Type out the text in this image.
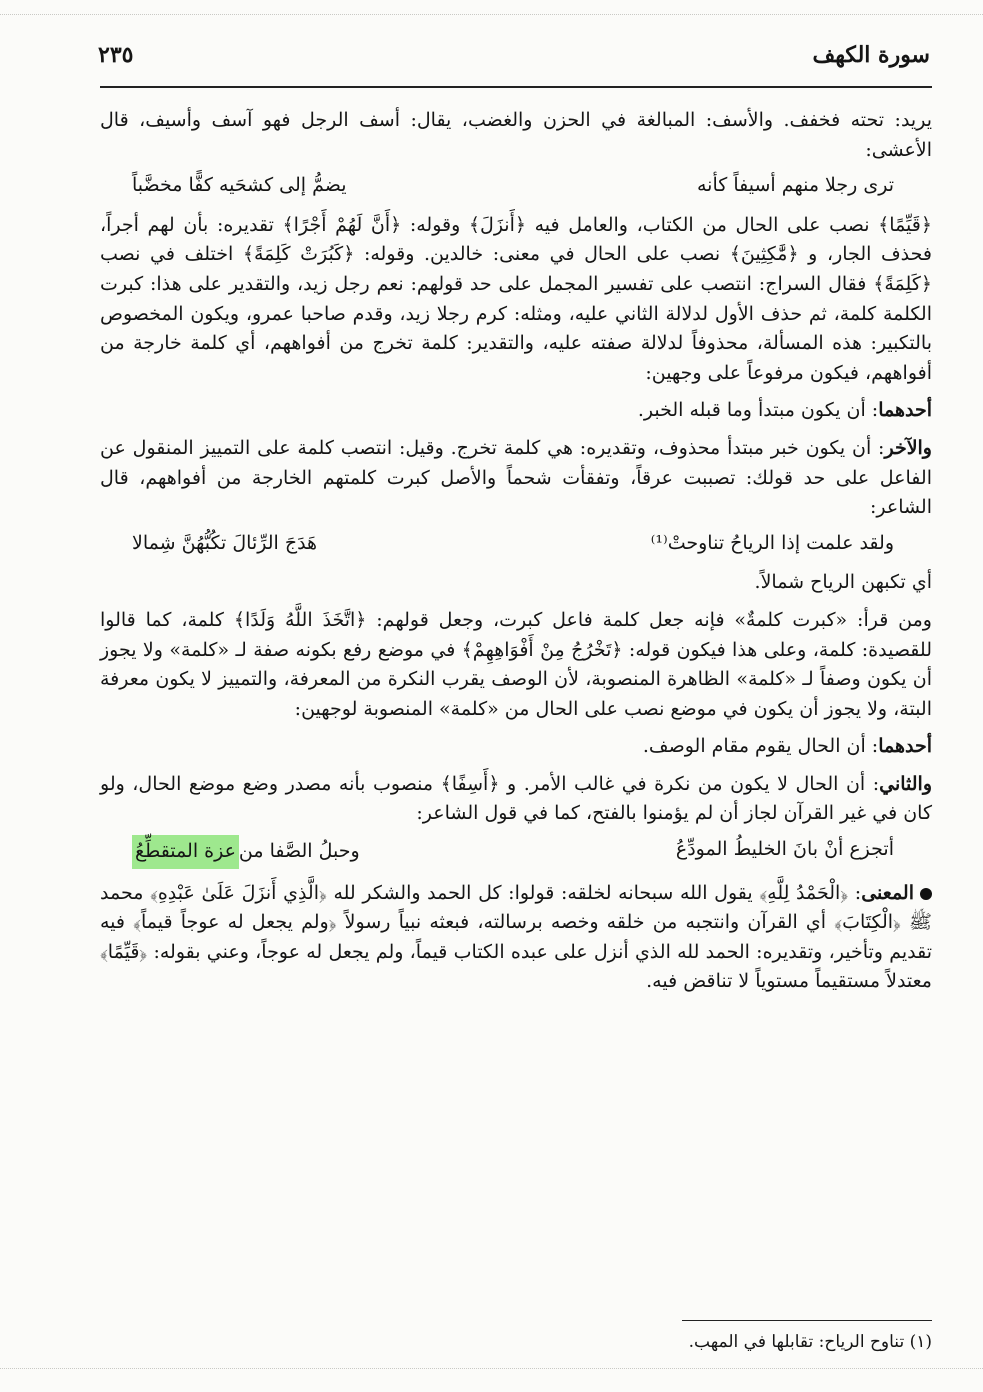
سورة الكهف
٢٣٥

يريد: تحته فخفف. والأسف: المبالغة في الحزن والغضب، يقال: أسف الرجل فهو آسف وأسيف، قال الأعشى:

ترى رجلا منهم أسيفاً كأنه
يضمُّ إلى كشحَيه كفًّا مخضَّباً

﴿قَيِّمًا﴾ نصب على الحال من الكتاب، والعامل فيه ﴿أَنزَلَ﴾ وقوله: ﴿أَنَّ لَهُمْ أَجْرًا﴾ تقديره: بأن لهم أجراً، فحذف الجار، و ﴿مَّٰكِثِينَ﴾ نصب على الحال في معنى: خالدين. وقوله: ﴿كَبُرَتْ كَلِمَةً﴾ اختلف في نصب ﴿كَلِمَةً﴾ فقال السراج: انتصب على تفسير المجمل على حد قولهم: نعم رجل زيد، والتقدير على هذا: كبرت الكلمة كلمة، ثم حذف الأول لدلالة الثاني عليه، ومثله: كرم رجلا زيد، وقدم صاحبا عمرو، ويكون المخصوص بالتكبير: هذه المسألة، محذوفاً لدلالة صفته عليه، والتقدير: كلمة تخرج من أفواههم، أي كلمة خارجة من أفواههم، فيكون مرفوعاً على وجهين:

أحدهما: أن يكون مبتدأ وما قبله الخبر.

والآخر: أن يكون خبر مبتدأ محذوف، وتقديره: هي كلمة تخرج. وقيل: انتصب كلمة على التمييز المنقول عن الفاعل على حد قولك: تصببت عرقاً، وتفقأت شحماً والأصل كبرت كلمتهم الخارجة من أفواههم، قال الشاعر:

ولقد علمت إذا الرياحُ تناوحتْ⁽¹⁾
هَدَجَ الرِّئالَ تكُبُّهُنَّ شِمالا

أي تكبهن الرياح شمالاً.

ومن قرأ: «كبرت كلمةٌ» فإنه جعل كلمة فاعل كبرت، وجعل قولهم: ﴿اتَّخَذَ اللَّهُ وَلَدًا﴾ كلمة، كما قالوا للقصيدة: كلمة، وعلى هذا فيكون قوله: ﴿تَخْرُجُ مِنْ أَفْوَاهِهِمْ﴾ في موضع رفع بكونه صفة لـ «كلمة» ولا يجوز أن يكون وصفاً لـ «كلمة» الظاهرة المنصوبة، لأن الوصف يقرب النكرة من المعرفة، والتمييز لا يكون معرفة البتة، ولا يجوز أن يكون في موضع نصب على الحال من «كلمة» المنصوبة لوجهين:

أحدهما: أن الحال يقوم مقام الوصف.

والثاني: أن الحال لا يكون من نكرة في غالب الأمر. و ﴿أَسِفًا﴾ منصوب بأنه مصدر وضع موضع الحال، ولو كان في غير القرآن لجاز أن لم يؤمنوا بالفتح، كما في قول الشاعر:

أتجزع أنْ بانَ الخليطُ المودِّعُ
وحبلُ الصَّفا منعزة المتقطِّعُ

المعنى: ﴿الْحَمْدُ لِلَّهِ﴾ يقول الله سبحانه لخلقه: قولوا: كل الحمد والشكر لله ﴿الَّذِي أَنزَلَ عَلَىٰ عَبْدِهِ﴾ محمد ﷺ ﴿الْكِتَابَ﴾ أي القرآن وانتجبه من خلقه وخصه برسالته، فبعثه نبياً رسولاً ﴿ولم يجعل له عوجاً قيماً﴾ فيه تقديم وتأخير، وتقديره: الحمد لله الذي أنزل على عبده الكتاب قيماً، ولم يجعل له عوجاً، وعني بقوله: ﴿قَيِّمًا﴾ معتدلاً مستقيماً مستوياً لا تناقض فيه.

(١) تناوح الرياح: تقابلها في المهب.
